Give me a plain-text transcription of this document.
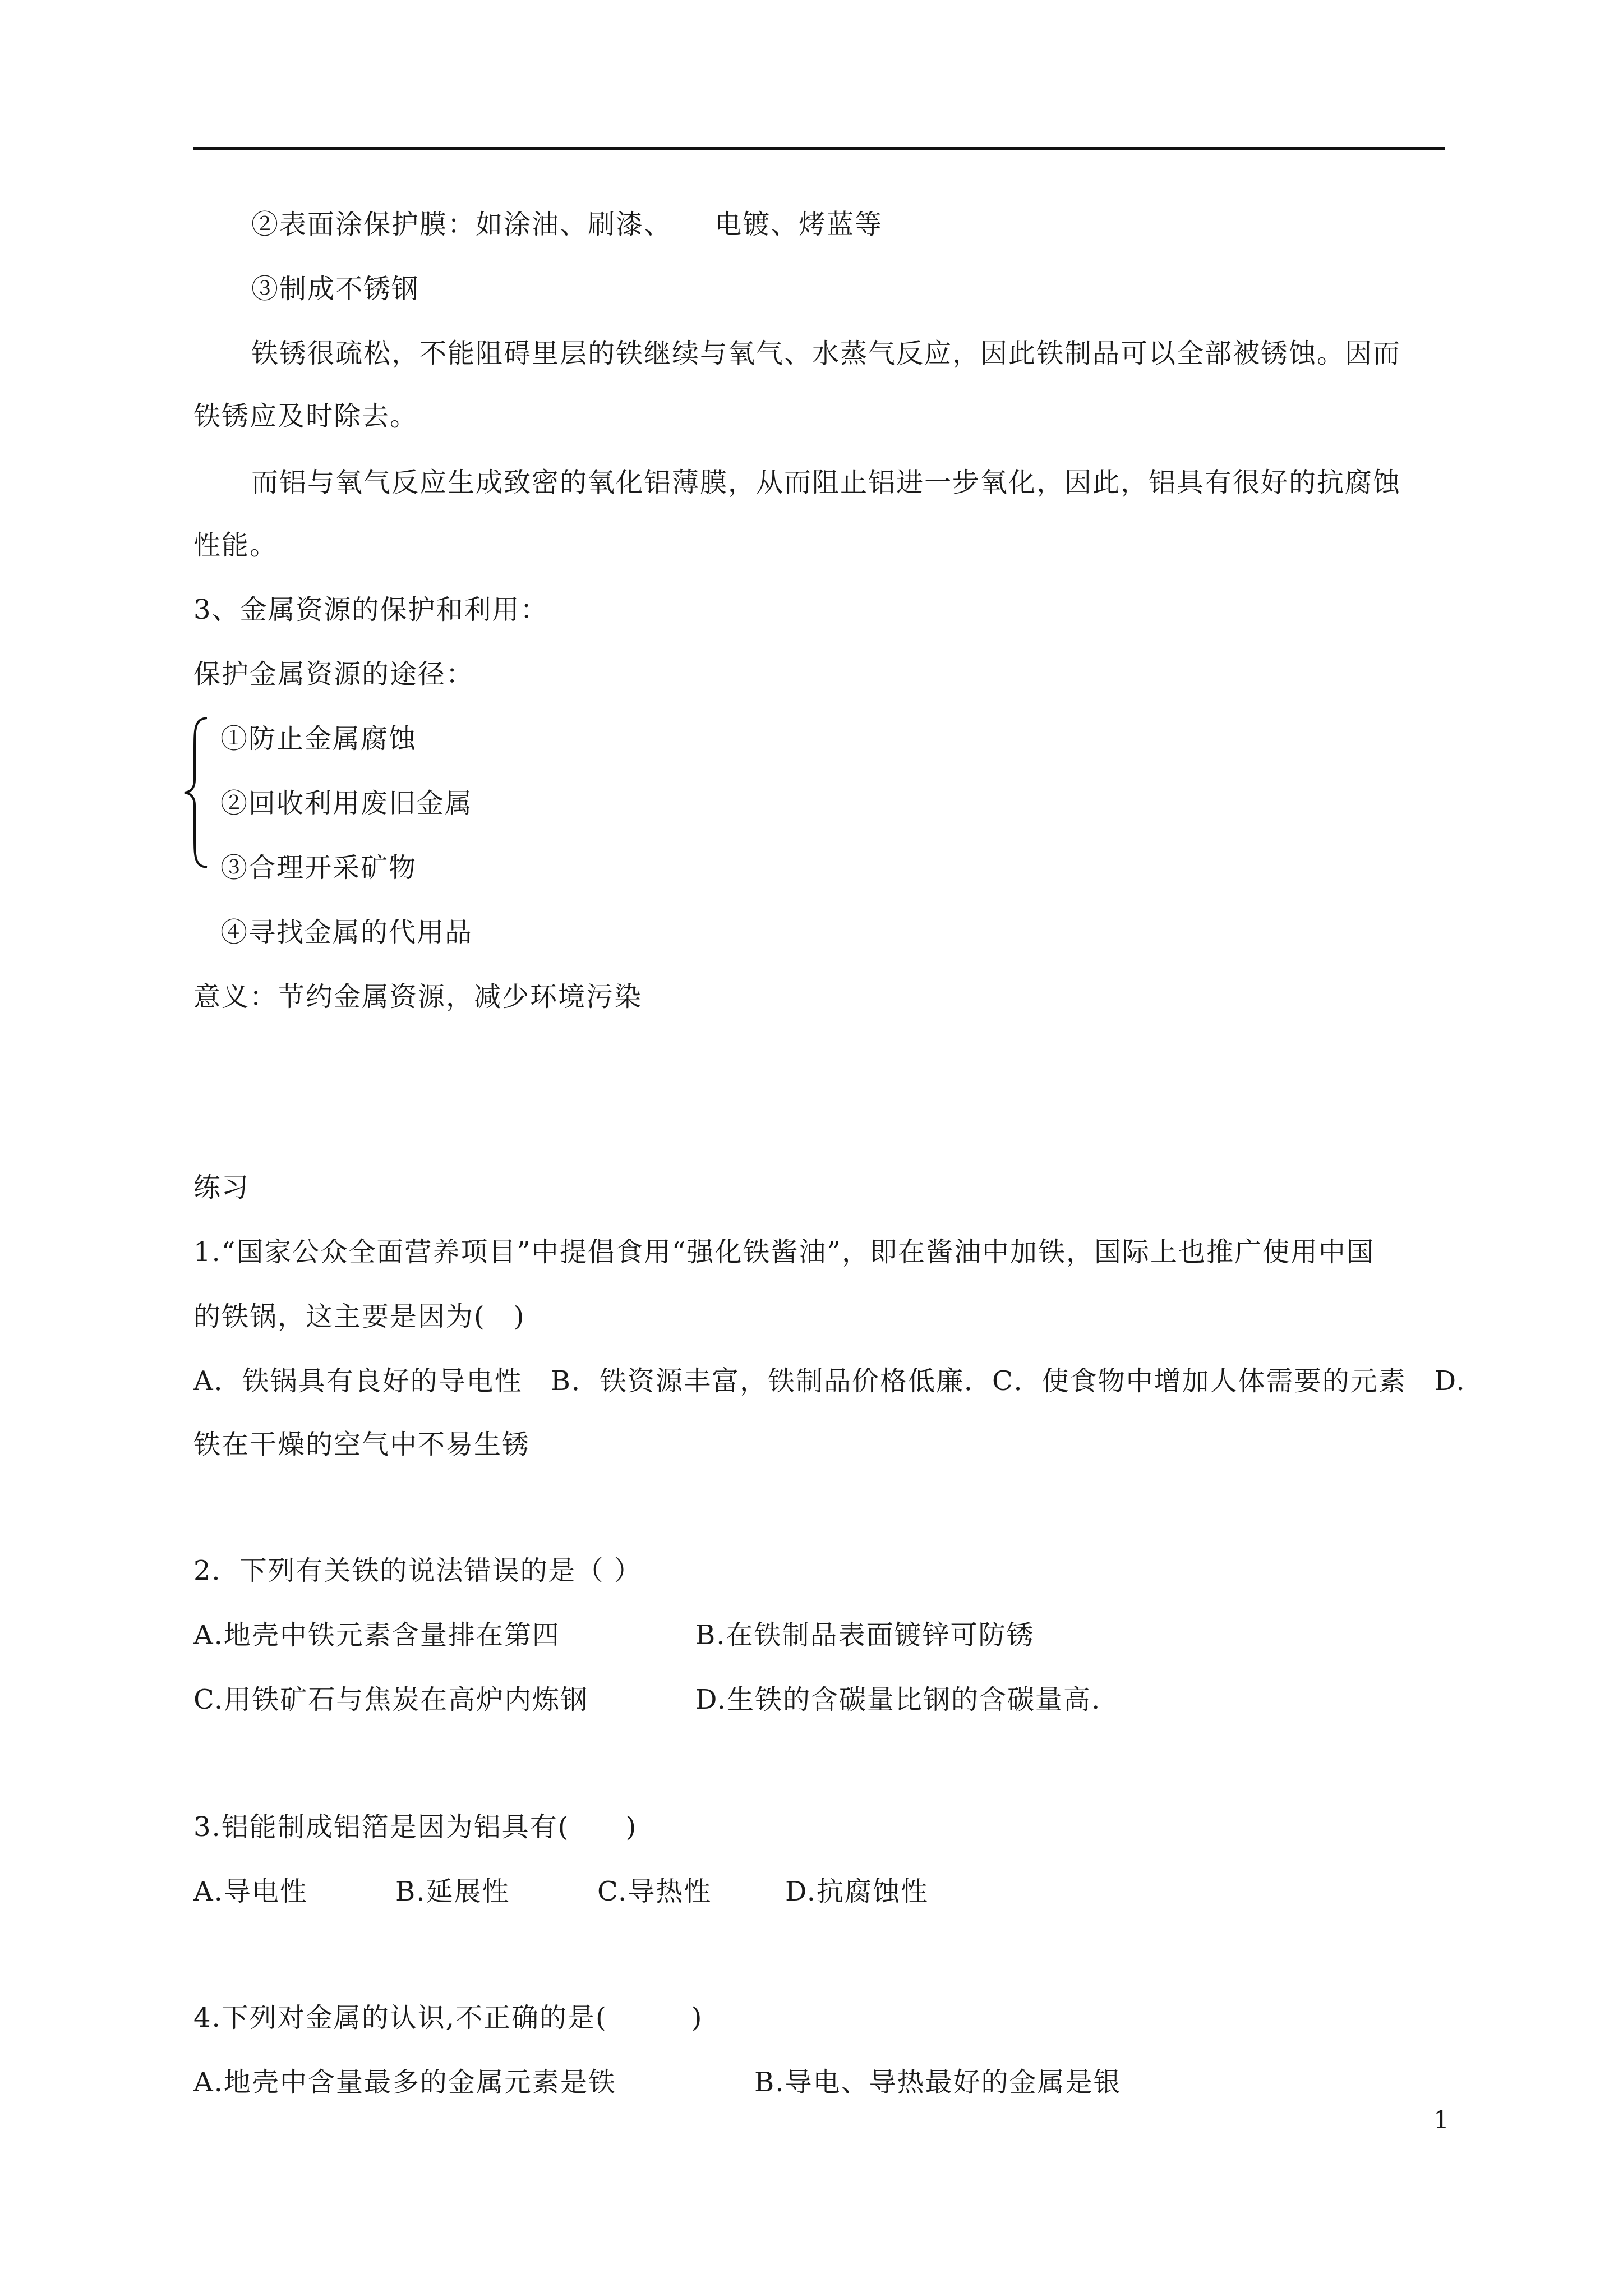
②表面涂保护膜：如涂油、刷漆、　　电镀、烤蓝等
③制成不锈钢
铁锈很疏松，不能阻碍里层的铁继续与氧气、水蒸气反应，因此铁制品可以全部被锈蚀。因而
铁锈应及时除去。
而铝与氧气反应生成致密的氧化铝薄膜，从而阻止铝进一步氧化，因此，铝具有很好的抗腐蚀
性能。
3、金属资源的保护和利用：
保护金属资源的途径：
①防止金属腐蚀
②回收利用废旧金属
③合理开采矿物
④寻找金属的代用品
意义：节约金属资源，减少环境污染
练习
1.“国家公众全面营养项目”中提倡食用“强化铁酱油”，即在酱油中加铁，国际上也推广使用中国
的铁锅，这主要是因为(　)
A．铁锅具有良好的导电性　B．铁资源丰富，铁制品价格低廉．C．使食物中增加人体需要的元素　D.
铁在干燥的空气中不易生锈
2．下列有关铁的说法错误的是（ ）
A.地壳中铁元素含量排在第四	B.在铁制品表面镀锌可防锈
C.用铁矿石与焦炭在高炉内炼钢	D.生铁的含碳量比钢的含碳量高.
3.铝能制成铝箔是因为铝具有(　　)
A.导电性	B.延展性	C.导热性	D.抗腐蚀性
4.下列对金属的认识,不正确的是(　　　)
A.地壳中含量最多的金属元素是铁	B.导电、导热最好的金属是银
1
